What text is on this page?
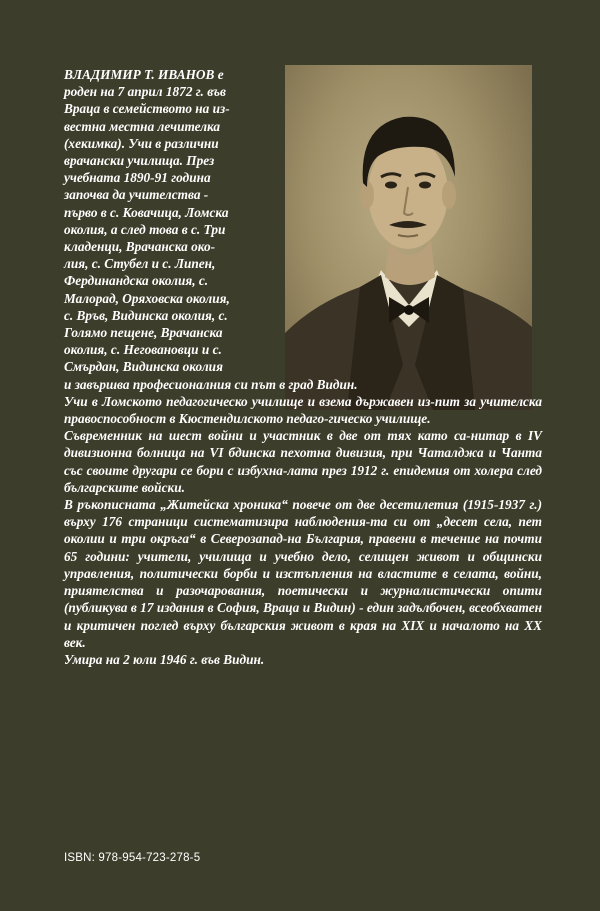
ВЛАДИМИР Т. ИВАНОВ е

роден на 7 април 1872 г. във

Враца в семейството на из-

вестна местна лечителка

(хекимка). Учи в различни

врачански училища. През

учебната 1890-91 година

започва да учителства -

първо в с. Ковачица, Ломска

околия, а след това в с. Три

кладенци, Врачанска око-

лия, с. Стубел и с. Липен,

Фердинандска околия, с.

Малорад, Оряховска околия,

с. Връв, Видинска околия, с.

Голямо пещене, Врачанска

околия, с. Негованoвци и с.

Смърдан, Видинска околия

и завършва професионалния си път в град Видин.

Учи в Ломското педагогическо училище и взема държавен из-пит за учителска правоспособност в Кюстендилското педаго-гическо училище.

Съвременник на шест войни и участник в две от тях като са-нитар в IV дивизионна болница на VI бдинска пехотна дивизия, при Чаталджа и Чанта със своите другари се бори с избухна-лата през 1912 г. епидемия от холера след българските войски.

В ръкописната „Житейска хроника“ повече от две десетилетия (1915-1937 г.) върху 176 страници систематизира наблюдения-та си от „десет села, пет околии и три окръга“ в Северозапад-на България, правени в течение на почти 65 години: учители, училища и учебно дело, селищен живот и общински управления, политически борби и изстъпления на властите в селата, войни, приятелства и разочарования, поетически и журналистически опити (публикува в 17 издания в София, Враца и Видин) - един задълбочен, всеобхватен и критичен поглед върху българския живот в края на XIX и началото на XX век.

Умира на 2 юли 1946 г. във Видин.

ISBN: 978-954-723-278-5
